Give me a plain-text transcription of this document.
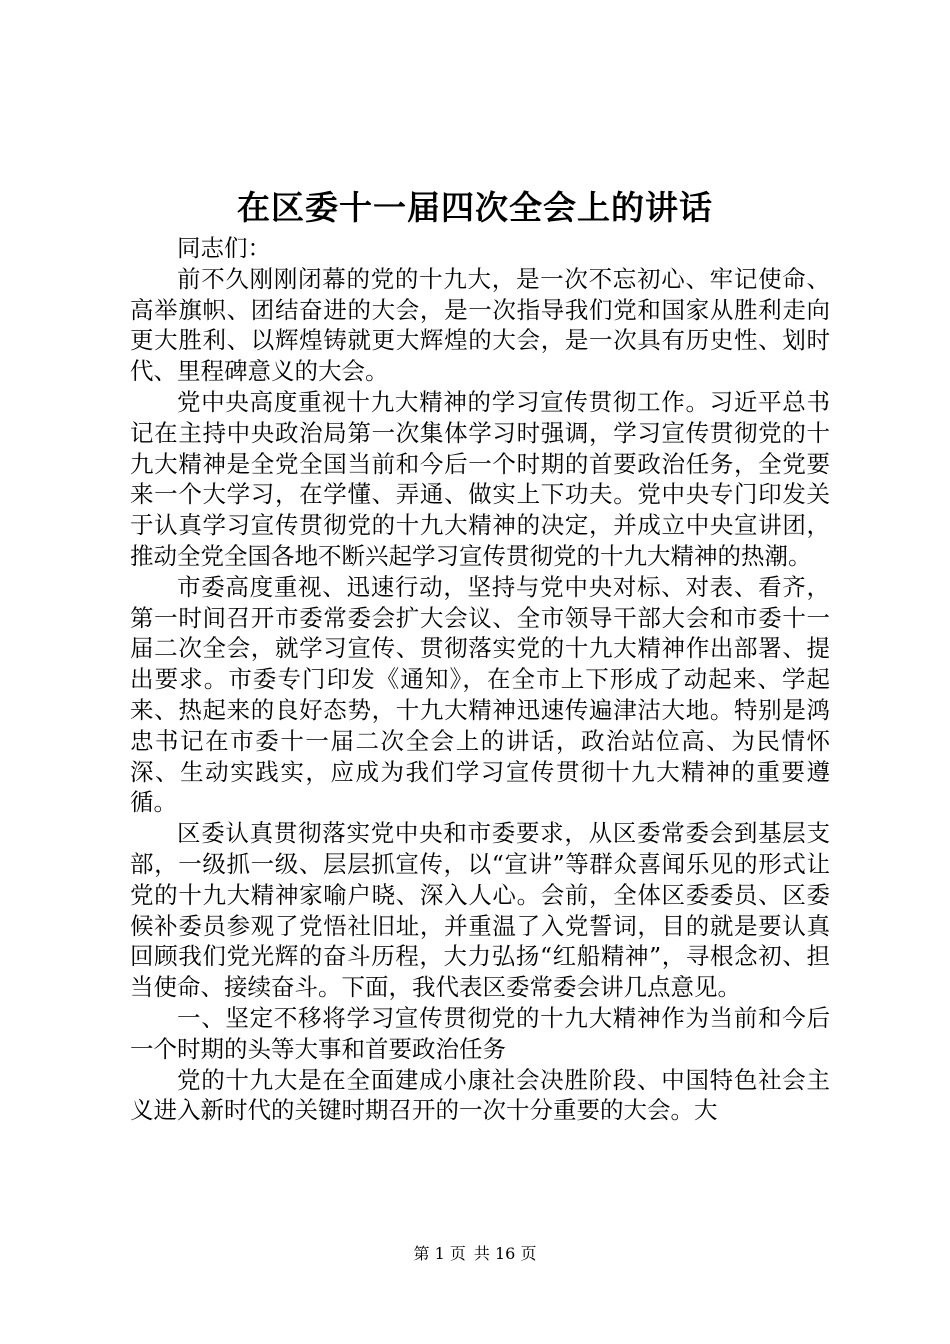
在区委十一届四次全会上的讲话

同志们：

前不久刚刚闭幕的党的十九大，是一次不忘初心、牢记使命、高举旗帜、团结奋进的大会，是一次指导我们党和国家从胜利走向更大胜利、以辉煌铸就更大辉煌的大会，是一次具有历史性、划时代、里程碑意义的大会。

党中央高度重视十九大精神的学习宣传贯彻工作。习近平总书记在主持中央政治局第一次集体学习时强调，学习宣传贯彻党的十九大精神是全党全国当前和今后一个时期的首要政治任务，全党要来一个大学习，在学懂、弄通、做实上下功夫。党中央专门印发关于认真学习宣传贯彻党的十九大精神的决定，并成立中央宣讲团，推动全党全国各地不断兴起学习宣传贯彻党的十九大精神的热潮。

市委高度重视、迅速行动，坚持与党中央对标、对表、看齐，第一时间召开市委常委会扩大会议、全市领导干部大会和市委十一届二次全会，就学习宣传、贯彻落实党的十九大精神作出部署、提出要求。市委专门印发《通知》，在全市上下形成了动起来、学起来、热起来的良好态势，十九大精神迅速传遍津沽大地。特别是鸿忠书记在市委十一届二次全会上的讲话，政治站位高、为民情怀深、生动实践实，应成为我们学习宣传贯彻十九大精神的重要遵循。

区委认真贯彻落实党中央和市委要求，从区委常委会到基层支部，一级抓一级、层层抓宣传，以“宣讲”等群众喜闻乐见的形式让党的十九大精神家喻户晓、深入人心。会前，全体区委委员、区委候补委员参观了党悟社旧址，并重温了入党誓词，目的就是要认真回顾我们党光辉的奋斗历程，大力弘扬“红船精神”，寻根念初、担当使命、接续奋斗。下面，我代表区委常委会讲几点意见。

一、坚定不移将学习宣传贯彻党的十九大精神作为当前和今后一个时期的头等大事和首要政治任务

党的十九大是在全面建成小康社会决胜阶段、中国特色社会主义进入新时代的关键时期召开的一次十分重要的大会。大

第 1 页 共 16 页
